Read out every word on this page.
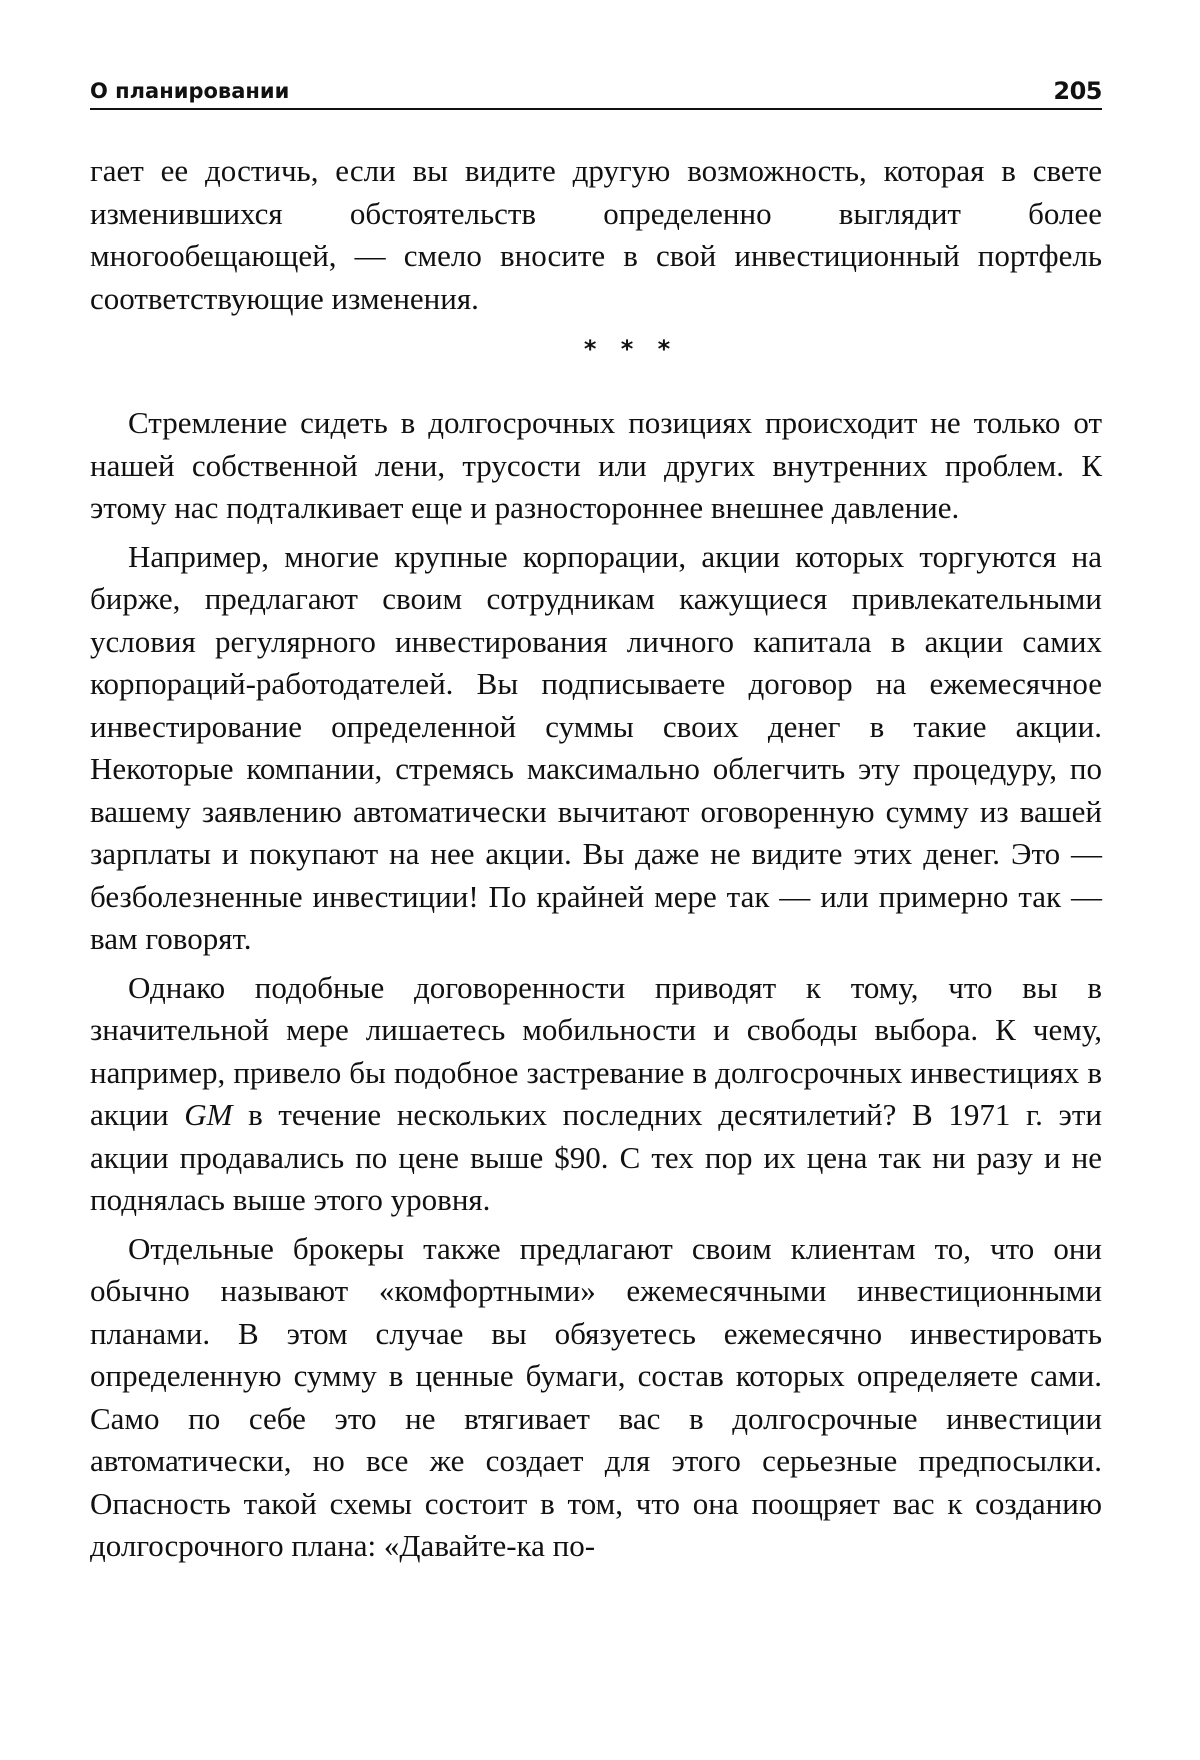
О планировании	205

гает ее достичь, если вы видите другую возможность, которая в свете изменившихся обстоятельств определенно выглядит более многообещающей, — смело вносите в свой инвестиционный портфель соответствующие изменения.

* * *

Стремление сидеть в долгосрочных позициях происходит не только от нашей собственной лени, трусости или других внутренних проблем. К этому нас подталкивает еще и разностороннее внешнее давление.

Например, многие крупные корпорации, акции которых торгуются на бирже, предлагают своим сотрудникам кажущиеся привлекательными условия регулярного инвестирования личного капитала в акции самих корпораций-работодателей. Вы подписываете договор на ежемесячное инвестирование определенной суммы своих денег в такие акции. Некоторые компании, стремясь максимально облегчить эту процедуру, по вашему заявлению автоматически вычитают оговоренную сумму из вашей зарплаты и покупают на нее акции. Вы даже не видите этих денег. Это — безболезненные инвестиции! По крайней мере так — или примерно так — вам говорят.

Однако подобные договоренности приводят к тому, что вы в значительной мере лишаетесь мобильности и свободы выбора. К чему, например, привело бы подобное застревание в долгосрочных инвестициях в акции GM в течение нескольких последних десятилетий? В 1971 г. эти акции продавались по цене выше $90. С тех пор их цена так ни разу и не поднялась выше этого уровня.

Отдельные брокеры также предлагают своим клиентам то, что они обычно называют «комфортными» ежемесячными инвестиционными планами. В этом случае вы обязуетесь ежемесячно инвестировать определенную сумму в ценные бумаги, состав которых определяете сами. Само по себе это не втягивает вас в долгосрочные инвестиции автоматически, но все же создает для этого серьезные предпосылки. Опасность такой схемы состоит в том, что она поощряет вас к созданию долгосрочного плана: «Давайте-ка по-
